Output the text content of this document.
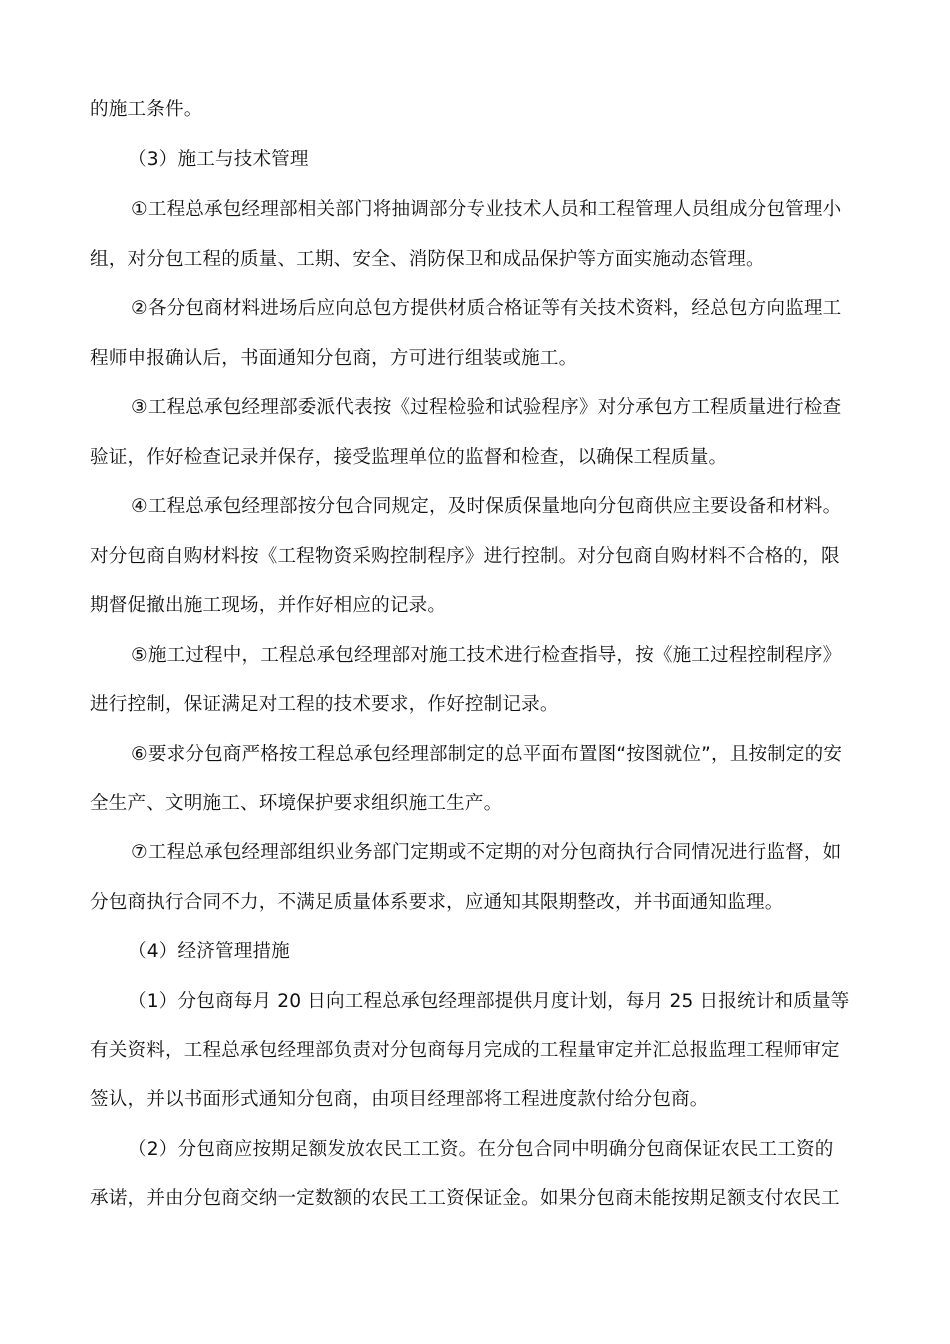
的施工条件。
（3）施工与技术管理
①工程总承包经理部相关部门将抽调部分专业技术人员和工程管理人员组成分包管理小
组，对分包工程的质量、工期、安全、消防保卫和成品保护等方面实施动态管理。
②各分包商材料进场后应向总包方提供材质合格证等有关技术资料，经总包方向监理工
程师申报确认后，书面通知分包商，方可进行组装或施工。
③工程总承包经理部委派代表按《过程检验和试验程序》对分承包方工程质量进行检查
验证，作好检查记录并保存，接受监理单位的监督和检查，以确保工程质量。
④工程总承包经理部按分包合同规定，及时保质保量地向分包商供应主要设备和材料。
对分包商自购材料按《工程物资采购控制程序》进行控制。对分包商自购材料不合格的，限
期督促撤出施工现场，并作好相应的记录。
⑤施工过程中，工程总承包经理部对施工技术进行检查指导，按《施工过程控制程序》
进行控制，保证满足对工程的技术要求，作好控制记录。
⑥要求分包商严格按工程总承包经理部制定的总平面布置图“按图就位”，且按制定的安
全生产、文明施工、环境保护要求组织施工生产。
⑦工程总承包经理部组织业务部门定期或不定期的对分包商执行合同情况进行监督，如
分包商执行合同不力，不满足质量体系要求，应通知其限期整改，并书面通知监理。
（4）经济管理措施
（1）分包商每月 20 日向工程总承包经理部提供月度计划，每月 25 日报统计和质量等
有关资料，工程总承包经理部负责对分包商每月完成的工程量审定并汇总报监理工程师审定
签认，并以书面形式通知分包商，由项目经理部将工程进度款付给分包商。
（2）分包商应按期足额发放农民工工资。在分包合同中明确分包商保证农民工工资的
承诺，并由分包商交纳一定数额的农民工工资保证金。如果分包商未能按期足额支付农民工
